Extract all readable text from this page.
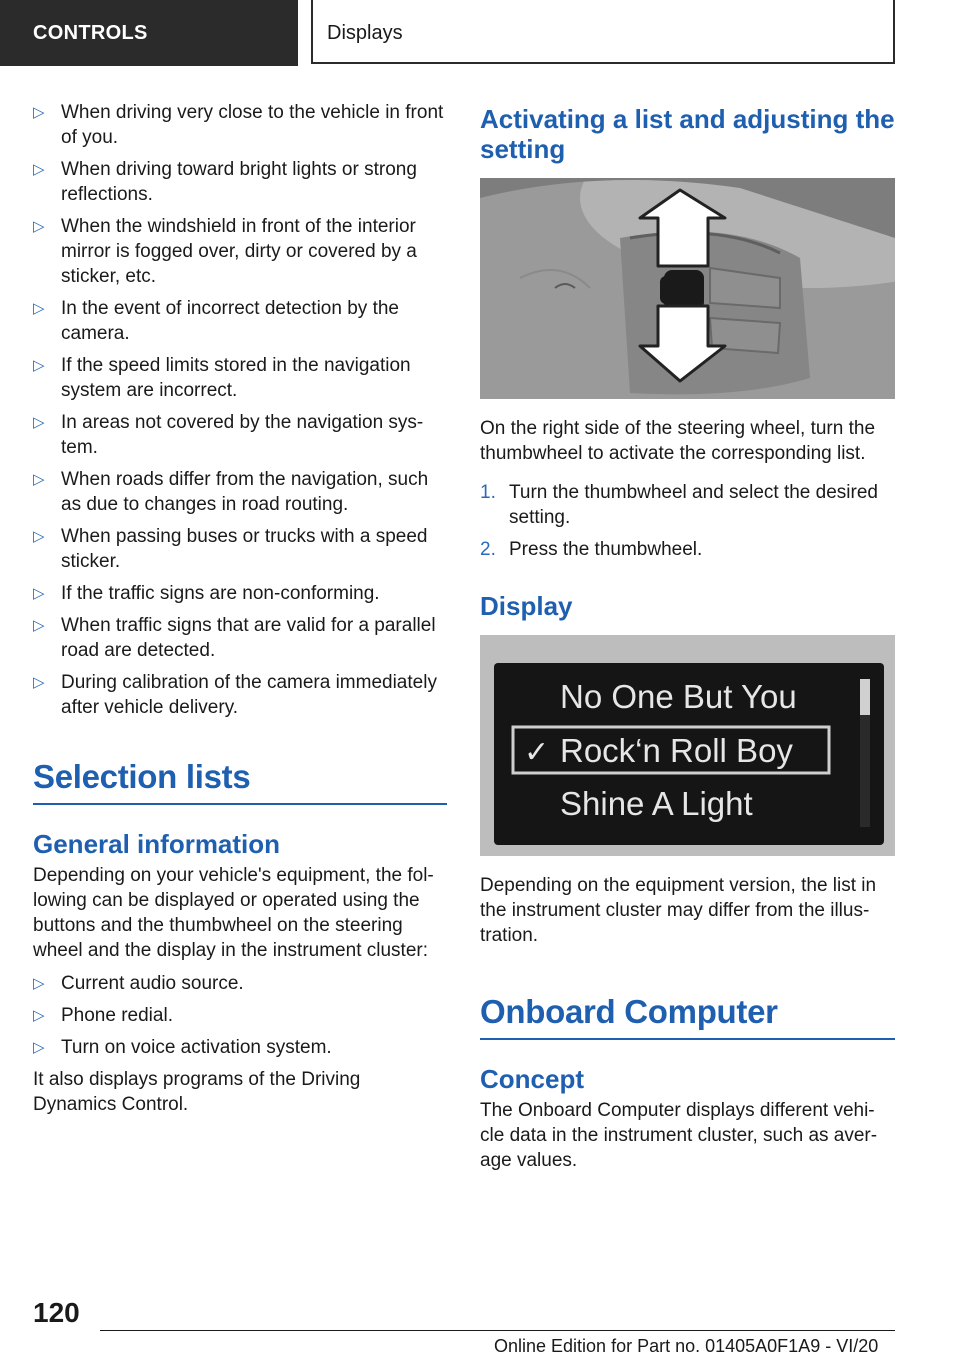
CONTROLS	Displays
▷ When driving very close to the vehicle in front of you.
▷ When driving toward bright lights or strong reflections.
▷ When the windshield in front of the interior mirror is fogged over, dirty or covered by a sticker, etc.
▷ In the event of incorrect detection by the camera.
▷ If the speed limits stored in the navigation system are incorrect.
▷ In areas not covered by the navigation sys-tem.
▷ When roads differ from the navigation, such as due to changes in road routing.
▷ When passing buses or trucks with a speed sticker.
▷ If the traffic signs are non-conforming.
▷ When traffic signs that are valid for a parallel road are detected.
▷ During calibration of the camera immediately after vehicle delivery.
Selection lists
General information

Depending on your vehicle's equipment, the fol-lowing can be displayed or operated using the buttons and the thumbwheel on the steering wheel and the display in the instrument cluster:

▷ Current audio source.
▷ Phone redial.
▷ Turn on voice activation system.

It also displays programs of the Driving Dynamics Control.

Activating a list and adjusting the setting

On the right side of the steering wheel, turn the thumbwheel to activate the corresponding list.

1. Turn the thumbwheel and select the desired setting.
2. Press the thumbwheel.
Display
No One But You
✓ Rock‘n Roll Boy
Shine A Light

Depending on the equipment version, the list in the instrument cluster may differ from the illus-tration.

Onboard Computer
Concept

The Onboard Computer displays different vehi-cle data in the instrument cluster, such as aver-age values.

120
Online Edition for Part no. 01405A0F1A9 - VI/20
